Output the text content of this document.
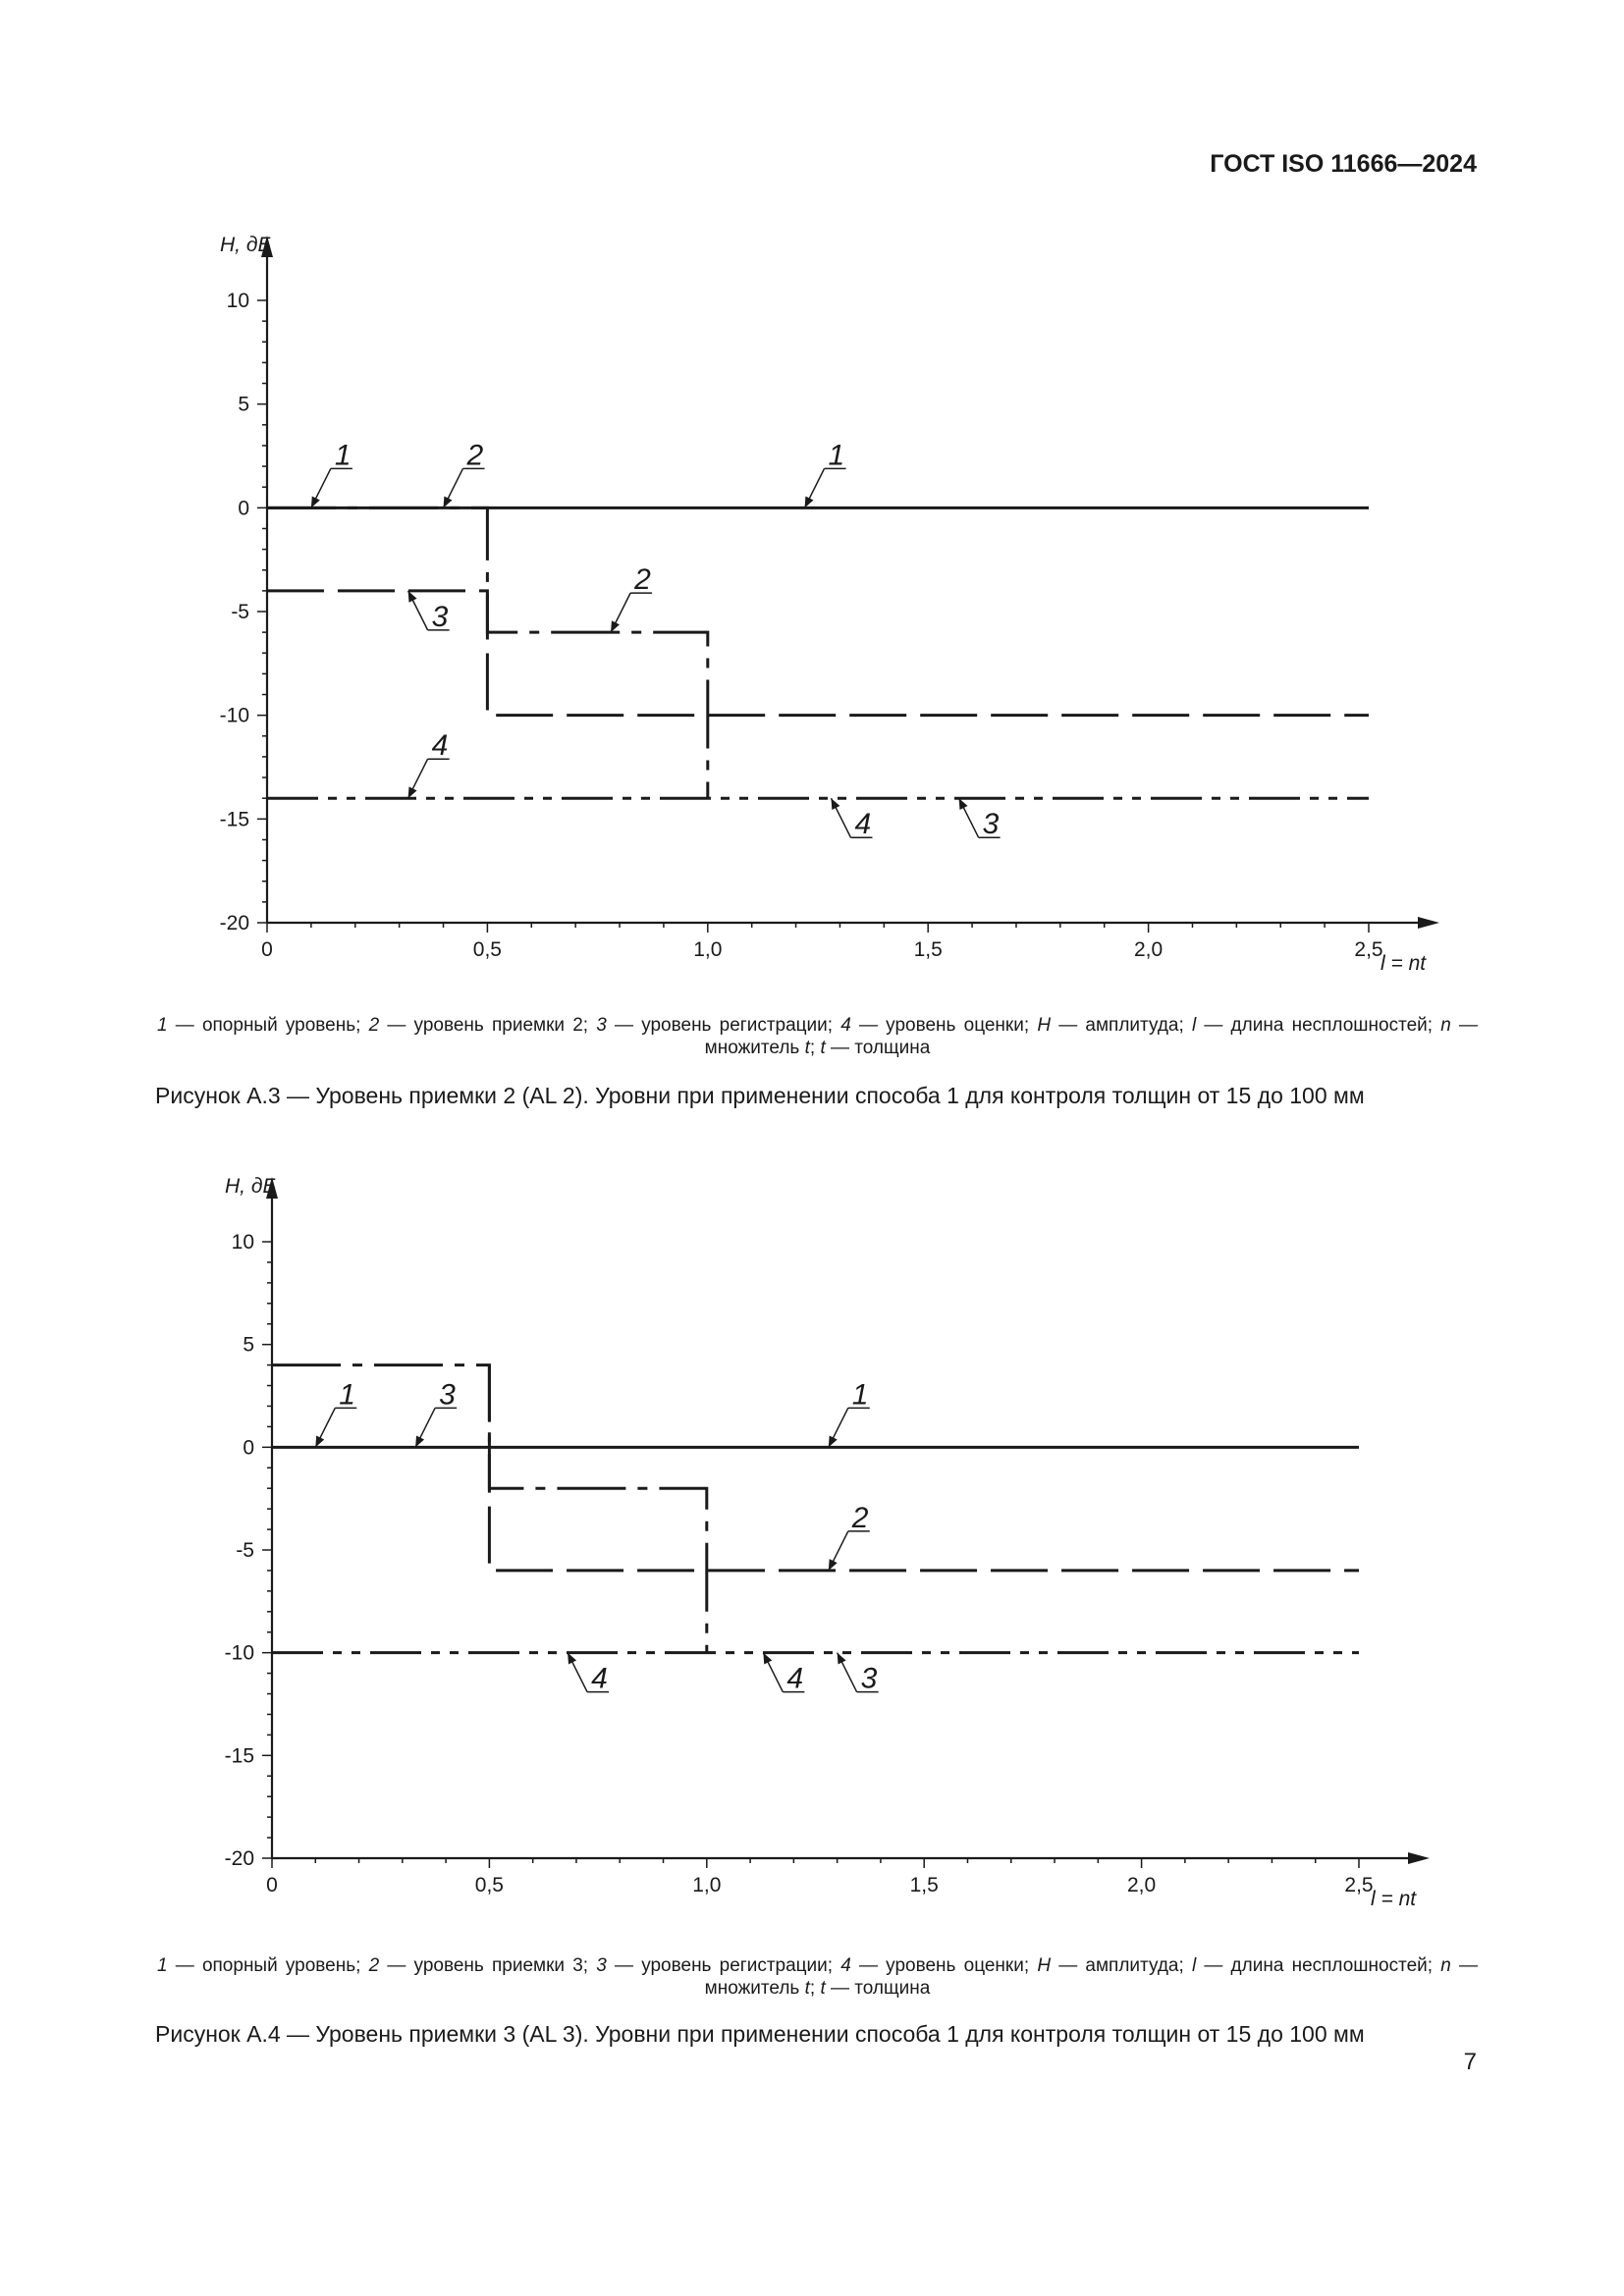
ГОСТ ISO 11666—2024
10
5
0
-5
-10
-15
-20
0	0,5	1,0	1,5	2,0	2,5
H, дБ
l = nt
1	2	1
3
2
4
4	3
1 — опорный уровень; 2 — уровень приемки 2; 3 — уровень регистрации; 4 — уровень оценки; H — амплитуда; l — длина несплошностей; n — множитель t; t — толщина
Рисунок А.3 — Уровень приемки 2 (AL 2). Уровни при применении способа 1 для контроля толщин от 15 до 100 мм
10
5
0
-5
-10
-15
-20
0	0,5	1,0	1,5	2,0	2,5
H, дБ
l = nt
1	3	1
2
4	4 3
1 — опорный уровень; 2 — уровень приемки 3; 3 — уровень регистрации; 4 — уровень оценки; H — амплитуда; l — длина несплошностей; n — множитель t; t — толщина
Рисунок А.4 — Уровень приемки 3 (AL 3). Уровни при применении способа 1 для контроля толщин от 15 до 100 мм
7
